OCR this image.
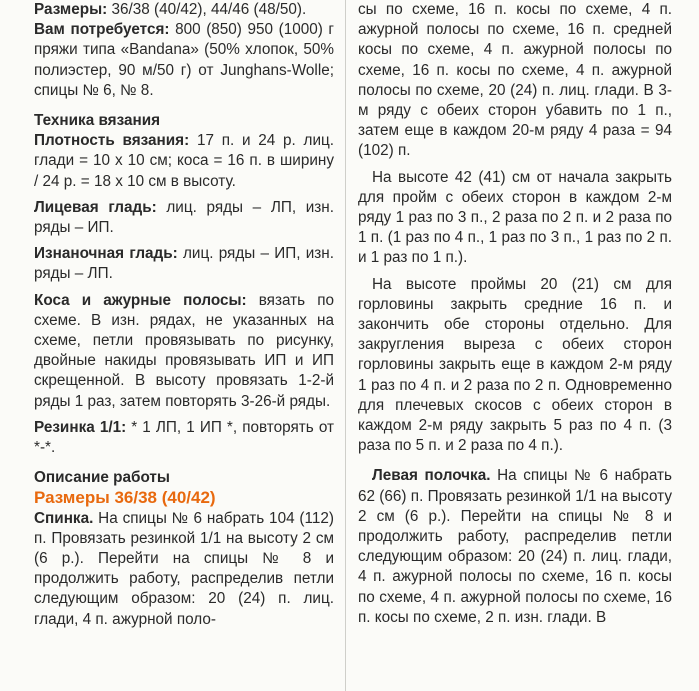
Размеры: 36/38 (40/42), 44/46 (48/50).

Вам потребуется: 800 (850) 950 (1000) г пряжи типа «Bandana» (50% хлопок, 50% полиэстер, 90 м/50 г) от Junghans-Wolle; спицы № 6, № 8.

Техника вязания

Плотность вязания: 17 п. и 24 р. лиц. глади = 10 х 10 см; коса = 16 п. в ширину / 24 р. = 18 х 10 см в высоту.

Лицевая гладь: лиц. ряды – ЛП, изн. ряды – ИП.

Изнаночная гладь: лиц. ряды – ИП, изн. ряды – ЛП.

Коса и ажурные полосы: вязать по схеме. В изн. рядах, не указанных на схеме, петли провязывать по рисунку, двойные накиды провязывать ИП и ИП скрещенной. В высоту провязать 1-2-й ряды 1 раз, затем повторять 3-26-й ряды.

Резинка 1/1: * 1 ЛП, 1 ИП *, повторять от *-*.

Описание работы

Размеры 36/38 (40/42)

Спинка. На спицы № 6 набрать 104 (112) п. Провязать резинкой 1/1 на высоту 2 см (6 р.). Перейти на спицы № 8 и продолжить работу, распределив петли следующим образом: 20 (24) п. лиц. глади, 4 п. ажурной поло-

сы по схеме, 16 п. косы по схеме, 4 п. ажурной полосы по схеме, 16 п. средней косы по схеме, 4 п. ажурной полосы по схеме, 16 п. косы по схеме, 4 п. ажурной полосы по схеме, 20 (24) п. лиц. глади. В 3-м ряду с обеих сторон убавить по 1 п., затем еще в каждом 20-м ряду 4 раза = 94 (102) п.

На высоте 42 (41) см от начала закрыть для пройм с обеих сторон в каждом 2-м ряду 1 раз по 3 п., 2 раза по 2 п. и 2 раза по 1 п. (1 раз по 4 п., 1 раз по 3 п., 1 раз по 2 п. и 1 раз по 1 п.).

На высоте проймы 20 (21) см для горловины закрыть средние 16 п. и закончить обе стороны отдельно. Для закругления выреза с обеих сторон горловины закрыть еще в каждом 2-м ряду 1 раз по 4 п. и 2 раза по 2 п. Одновременно для плечевых скосов с обеих сторон в каждом 2-м ряду закрыть 5 раз по 4 п. (3 раза по 5 п. и 2 раза по 4 п.).

Левая полочка. На спицы № 6 набрать 62 (66) п. Провязать резинкой 1/1 на высоту 2 см (6 р.). Перейти на спицы № 8 и продолжить работу, распределив петли следующим образом: 20 (24) п. лиц. глади, 4 п. ажурной полосы по схеме, 16 п. косы по схеме, 4 п. ажурной полосы по схеме, 16 п. косы по схеме, 2 п. изн. глади. В
